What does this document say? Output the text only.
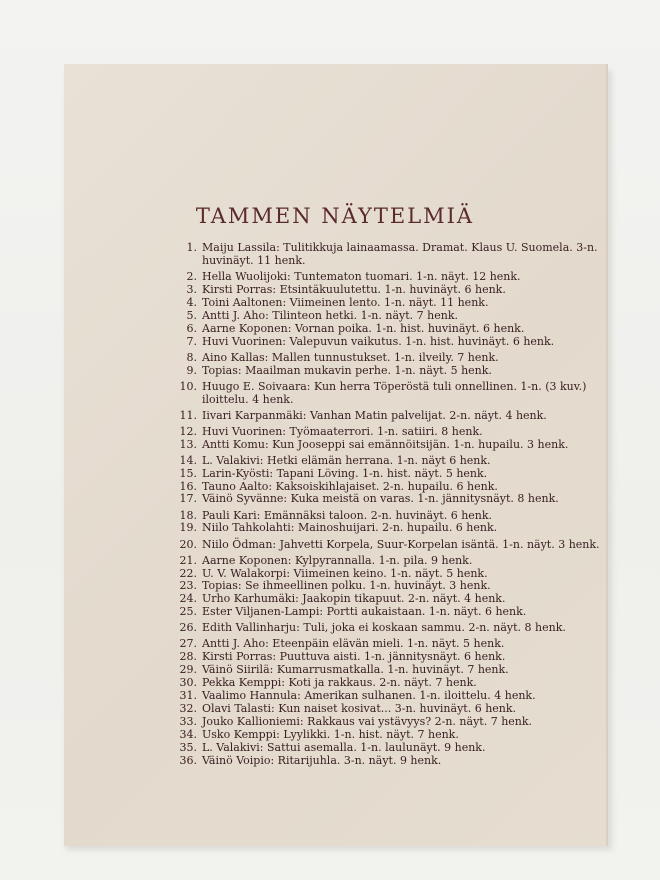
TAMMEN NÄYTELMIÄ
1. Maiju Lassila: Tulitikkuja lainaamassa. Dramat. Klaus U. Suomela. 3-n. huvinäyt. 11 henk.
2. Hella Wuolijoki: Tuntematon tuomari. 1-n. näyt. 12 henk.
3. Kirsti Porras: Etsintäkuulutettu. 1-n. huvinäyt. 6 henk.
4. Toini Aaltonen: Viimeinen lento. 1-n. näyt. 11 henk.
5. Antti J. Aho: Tilinteon hetki. 1-n. näyt. 7 henk.
6. Aarne Koponen: Vornan poika. 1-n. hist. huvinäyt. 6 henk.
7. Huvi Vuorinen: Valepuvun vaikutus. 1-n. hist. huvinäyt. 6 henk.
8. Aino Kallas: Mallen tunnustukset. 1-n. ilveily. 7 henk.
9. Topias: Maailman mukavin perhe. 1-n. näyt. 5 henk.
10. Huugo E. Soivaara: Kun herra Töperöstä tuli onnellinen. 1-n. (3 kuv.) iloittelu. 4 henk.
11. Iivari Karpanmäki: Vanhan Matin palvelijat. 2-n. näyt. 4 henk.
12. Huvi Vuorinen: Työmaaterrori. 1-n. satiiri. 8 henk.
13. Antti Komu: Kun Jooseppi sai emännöitsijän. 1-n. hupailu. 3 henk.
14. L. Valakivi: Hetki elämän herrana. 1-n. näyt 6 henk.
15. Larin-Kyösti: Tapani Löving. 1-n. hist. näyt. 5 henk.
16. Tauno Aalto: Kaksoiskihlajaiset. 2-n. hupailu. 6 henk.
17. Väinö Syvänne: Kuka meistä on varas. 1-n. jännitysnäyt. 8 henk.
18. Pauli Kari: Emännäksi taloon. 2-n. huvinäyt. 6 henk.
19. Niilo Tahkolahti: Mainoshuijari. 2-n. hupailu. 6 henk.
20. Niilo Ödman: Jahvetti Korpela, Suur-Korpelan isäntä. 1-n. näyt. 3 henk.
21. Aarne Koponen: Kylpyrannalla. 1-n. pila. 9 henk.
22. U. V. Walakorpi: Viimeinen keino. 1-n. näyt. 5 henk.
23. Topias: Se ihmeellinen polku. 1-n. huvinäyt. 3 henk.
24. Urho Karhumäki: Jaakopin tikapuut. 2-n. näyt. 4 henk.
25. Ester Viljanen-Lampi: Portti aukaistaan. 1-n. näyt. 6 henk.
26. Edith Vallinharju: Tuli, joka ei koskaan sammu. 2-n. näyt. 8 henk.
27. Antti J. Aho: Eteenpäin elävän mieli. 1-n. näyt. 5 henk.
28. Kirsti Porras: Puuttuva aisti. 1-n. jännitysnäyt. 6 henk.
29. Väinö Siirilä: Kumarrusmatkalla. 1-n. huvinäyt. 7 henk.
30. Pekka Kemppi: Koti ja rakkaus. 2-n. näyt. 7 henk.
31. Vaalimo Hannula: Amerikan sulhanen. 1-n. iloittelu. 4 henk.
32. Olavi Talasti: Kun naiset kosivat... 3-n. huvinäyt. 6 henk.
33. Jouko Kallioniemi: Rakkaus vai ystävyys? 2-n. näyt. 7 henk.
34. Usko Kemppi: Lyylikki. 1-n. hist. näyt. 7 henk.
35. L. Valakivi: Sattui asemalla. 1-n. laulunäyt. 9 henk.
36. Väinö Voipio: Ritarijuhla. 3-n. näyt. 9 henk.
